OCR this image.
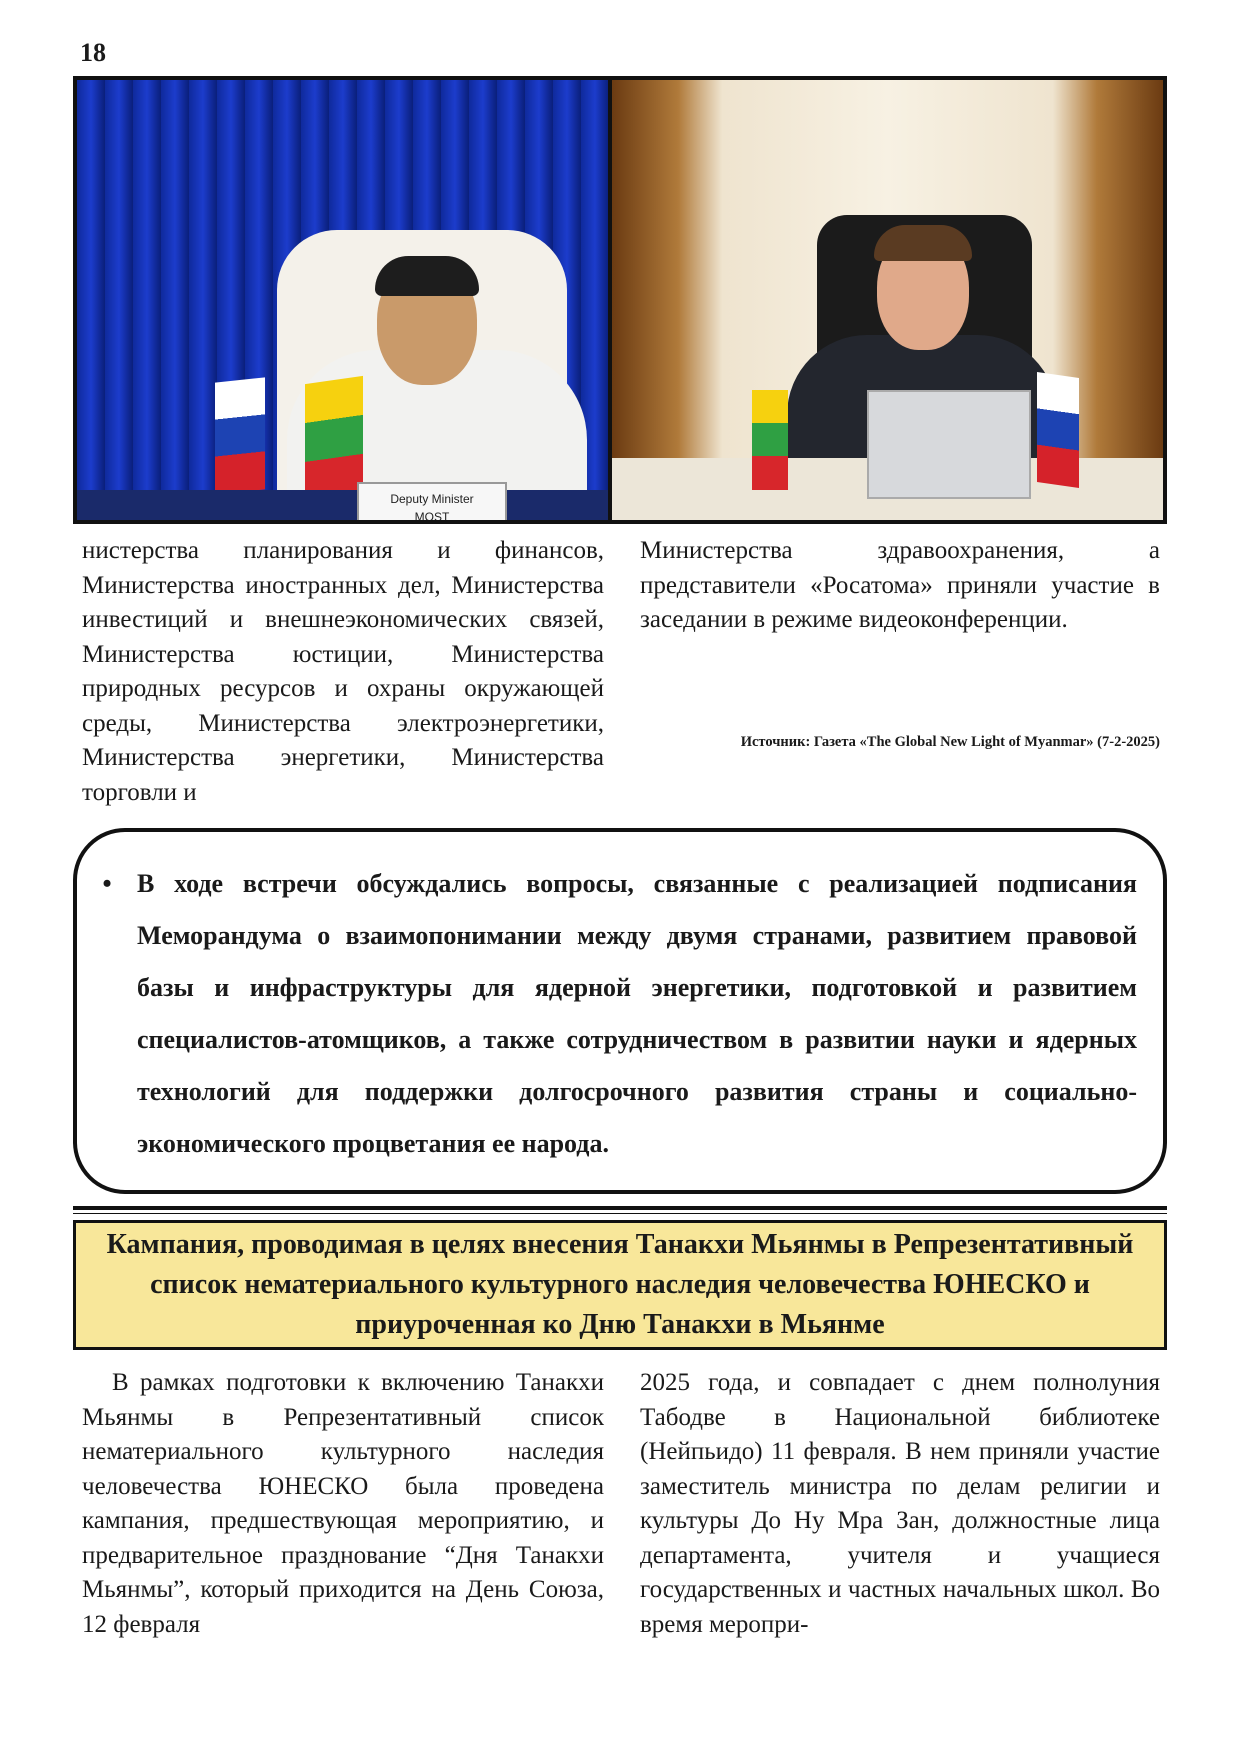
18
Deputy Minister
MOST

нистерства планирования и финансов, Министерства иностранных дел, Министерства инвестиций и внешнеэкономических связей, Министерства юстиции, Министерства природных ресурсов и охраны окружающей среды, Министерства электроэнергетики, Министерства энергетики, Министерства торговли и

Министерства здравоохранения, а представители «Росатома» приняли участие в заседании в режиме видеоконференции.

Источник: Газета «The Global New Light of Myanmar» (7-2-2025)
• В ходе встречи обсуждались вопросы, связанные с реализацией подписания Меморандума о взаимопонимании между двумя странами, развитием правовой базы и инфраструктуры для ядерной энергетики, подготовкой и развитием специалистов-атомщиков, а также сотрудничеством в развитии науки и ядерных технологий для поддержки долгосрочного развития страны и социально-экономического процветания ее народа.
Кампания, проводимая в целях внесения Танакхи Мьянмы в Репрезентативный список нематериального культурного наследия человечества ЮНЕСКО и приуроченная ко Дню Танакхи в Мьянме

В рамках подготовки к включению Танакхи Мьянмы в Репрезентативный список нематериального культурного наследия человечества ЮНЕСКО была проведена кампания, предшествующая мероприятию, и предварительное празднование “Дня Танакхи Мьянмы”, который приходится на День Союза, 12 февраля

2025 года, и совпадает с днем полнолуния Табодве в Национальной библиотеке (Нейпьидо) 11 февраля. В нем приняли участие заместитель министра по делам религии и культуры До Ну Мра Зан, должностные лица департамента, учителя и учащиеся государственных и частных начальных школ. Во время меропри-
